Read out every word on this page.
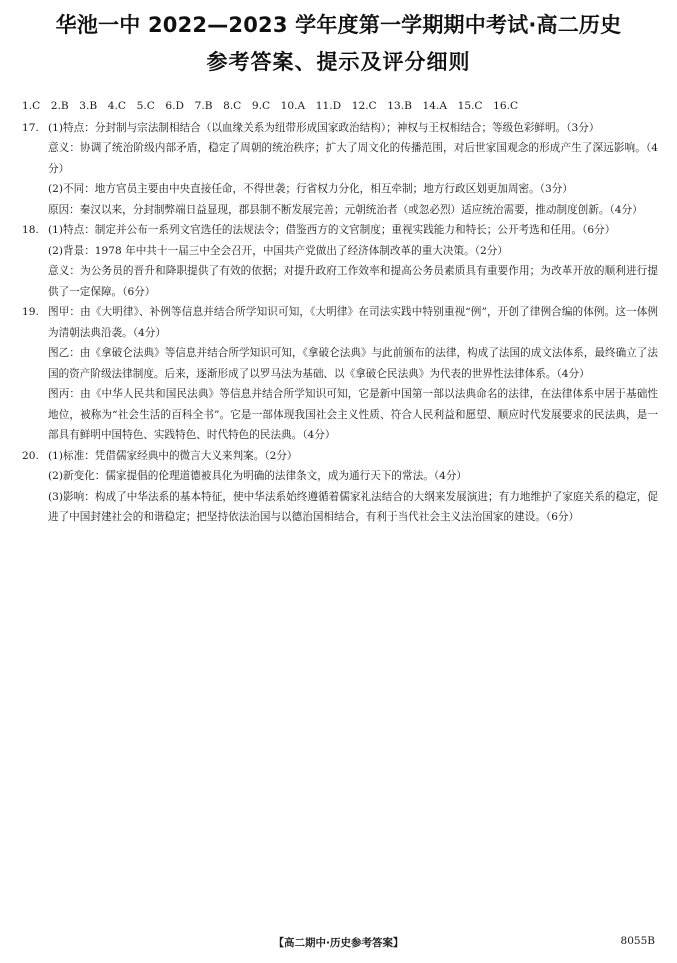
华池一中 2022—2023 学年度第一学期期中考试·高二历史
参考答案、提示及评分细则
1.C　2.B　3.B　4.C　5.C　6.D　7.B　8.C　9.C　10.A　11.D　12.C　13.B　14.A　15.C　16.C
17. (1)特点：分封制与宗法制相结合（以血缘关系为纽带形成国家政治结构）；神权与王权相结合；等级色彩鲜明。（3分）

意义：协调了统治阶级内部矛盾，稳定了周朝的统治秩序；扩大了周文化的传播范围，对后世家国观念的形成产生了深远影响。（4分）

(2)不同：地方官员主要由中央直接任命，不得世袭；行省权力分化，相互牵制；地方行政区划更加周密。（3分）

原因：秦汉以来，分封制弊端日益显现，郡县制不断发展完善；元朝统治者（或忽必烈）适应统治需要，推动制度创新。（4分）

18. (1)特点：制定并公布一系列文官选任的法规法令；借鉴西方的文官制度；重视实践能力和特长；公开考选和任用。（6分）

(2)背景：1978 年中共十一届三中全会召开，中国共产党做出了经济体制改革的重大决策。（2分）

意义：为公务员的晋升和降职提供了有效的依据；对提升政府工作效率和提高公务员素质具有重要作用；为改革开放的顺利进行提供了一定保障。（6分）

19. 图甲：由《大明律》、补例等信息并结合所学知识可知，《大明律》在司法实践中特别重视“例”，开创了律例合编的体例。这一体例为清朝法典沿袭。（4分）

图乙：由《拿破仑法典》等信息并结合所学知识可知，《拿破仑法典》与此前颁布的法律，构成了法国的成文法体系，最终确立了法国的资产阶级法律制度。后来，逐渐形成了以罗马法为基础、以《拿破仑民法典》为代表的世界性法律体系。（4分）

图丙：由《中华人民共和国民法典》等信息并结合所学知识可知，它是新中国第一部以法典命名的法律，在法律体系中居于基础性地位，被称为“社会生活的百科全书”。它是一部体现我国社会主义性质、符合人民利益和愿望、顺应时代发展要求的民法典，是一部具有鲜明中国特色、实践特色、时代特色的民法典。（4分）

20. (1)标准：凭借儒家经典中的微言大义来判案。（2分）

(2)新变化：儒家提倡的伦理道德被具化为明确的法律条文，成为通行天下的常法。（4分）

(3)影响：构成了中华法系的基本特征，使中华法系始终遵循着儒家礼法结合的大纲来发展演进；有力地维护了家庭关系的稳定，促进了中国封建社会的和谐稳定；把坚持依法治国与以德治国相结合，有利于当代社会主义法治国家的建设。（6分）

【高二期中·历史参考答案】	8055B
